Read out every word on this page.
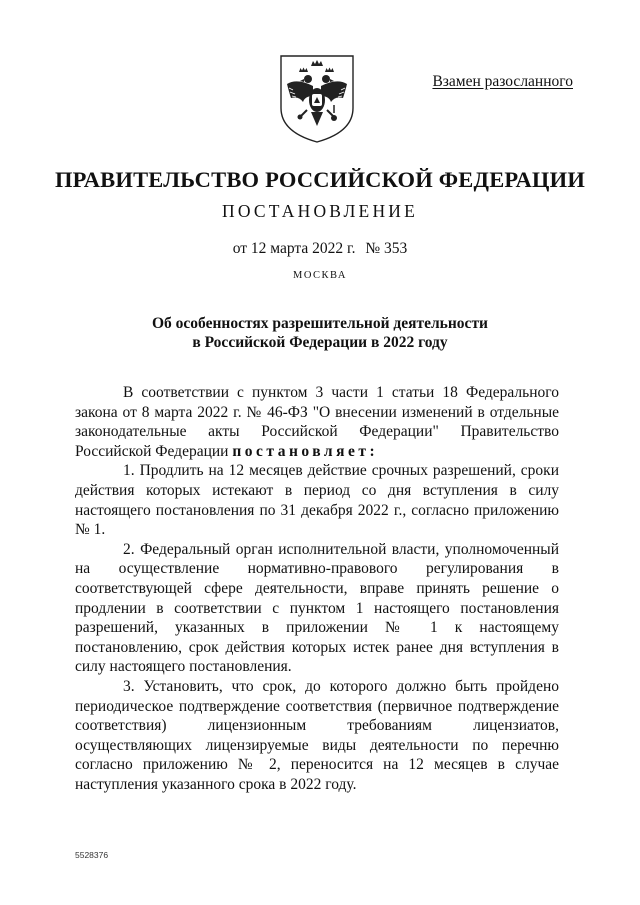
Взамен разосланного
ПРАВИТЕЛЬСТВО РОССИЙСКОЙ ФЕДЕРАЦИИ
ПОСТАНОВЛЕНИЕ
от 12 марта 2022 г. № 353
МОСКВА
Об особенностях разрешительной деятельности
в Российской Федерации в 2022 году

В соответствии с пунктом 3 части 1 статьи 18 Федерального закона от 8 марта 2022 г. № 46-ФЗ "О внесении изменений в отдельные законодательные акты Российской Федерации" Правительство Российской Федерации постановляет:

1. Продлить на 12 месяцев действие срочных разрешений, сроки действия которых истекают в период со дня вступления в силу настоящего постановления по 31 декабря 2022 г., согласно приложению № 1.

2. Федеральный орган исполнительной власти, уполномоченный на осуществление нормативно-правового регулирования в соответствующей сфере деятельности, вправе принять решение о продлении в соответствии с пунктом 1 настоящего постановления разрешений, указанных в приложении № 1 к настоящему постановлению, срок действия которых истек ранее дня вступления в силу настоящего постановления.

3. Установить, что срок, до которого должно быть пройдено периодическое подтверждение соответствия (первичное подтверждение соответствия) лицензионным требованиям лицензиатов, осуществляющих лицензируемые виды деятельности по перечню согласно приложению № 2, переносится на 12 месяцев в случае наступления указанного срока в 2022 году.

5528376
